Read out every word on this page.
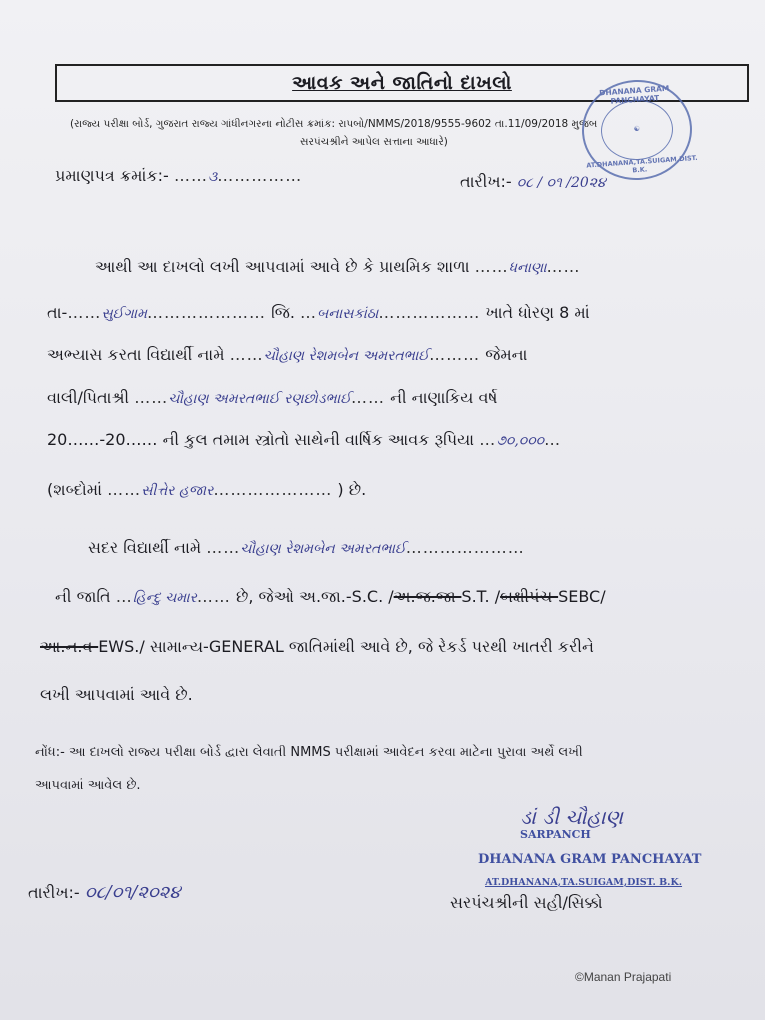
આવક અને જાતિનો દાખલો
(રાજ્ય પરીક્ષા બોર્ડ, ગુજરાત રાજ્ય ગાંધીનગરના નોટીસ ક્રમાંક: રાપબો/NMMS/2018/9555-9602 તા.11/09/2018 મુજબ
સરપંચશ્રીને આપેલ સત્તાના આધારે)
DHANANA GRAM PANCHAYAT
☯
AT.DHANANA,TA.SUIGAM,DIST. B.K.
પ્રમાણપત્ર ક્રમાંક:- ……૩……………	તારીખ:- ૦૮ / ૦૧ /20૨૪
આથી આ દાખલો લખી આપવામાં આવે છે કે પ્રાથમિક શાળા ……ધનાણા……
તા-……સુઈગામ………………… જિ. …બનાસકાંઠા……………… ખાતે ધોરણ 8 માં
અભ્યાસ કરતા વિદ્યાર્થી નામે ……ચૌહાણ રેશમબેન અમરતભાઈ……… જેમના
વાલી/પિતાશ્રી ……ચૌહાણ અમરતભાઈ રણછોડભાઈ…… ની નાણાકિય વર્ષ
20……-20…… ની કુલ તમામ સ્ત્રોતો સાથેની વાર્ષિક આવક રૂપિયા …૭૦,૦૦૦…
(શબ્દોમાં ……સીત્તેર હજાર………………… ) છે.
સદર વિદ્યાર્થી નામે ……ચૌહાણ રેશમબેન અમરતભાઈ…………………
ની જાતિ …હિન્દુ ચમાર…… છે, જેઓ અ.જા.-S.C. /અ.જ.જા-S.T. /બક્ષીપંચ-SEBC/
આ.ન.વ-EWS./ સામાન્ય-GENERAL જાતિમાંથી આવે છે, જે રેકર્ડ પરથી ખાતરી કરીને
લખી આપવામાં આવે છે.
નોંધ:- આ દાખલો રાજ્ય પરીક્ષા બોર્ડ દ્વારા લેવાતી NMMS પરીક્ષામાં આવેદન કરવા માટેના પુરાવા અર્થે લખી
આપવામાં આવેલ છે.
ડાં ડી ચૌહાણ
SARPANCH
DHANANA GRAM PANCHAYAT
AT.DHANANA,TA.SUIGAM,DIST. B.K.
તારીખ:- ૦૮/૦૧/૨૦૨૪	સરપંચશ્રીની સહી/સિક્કો
©Manan Prajapati
